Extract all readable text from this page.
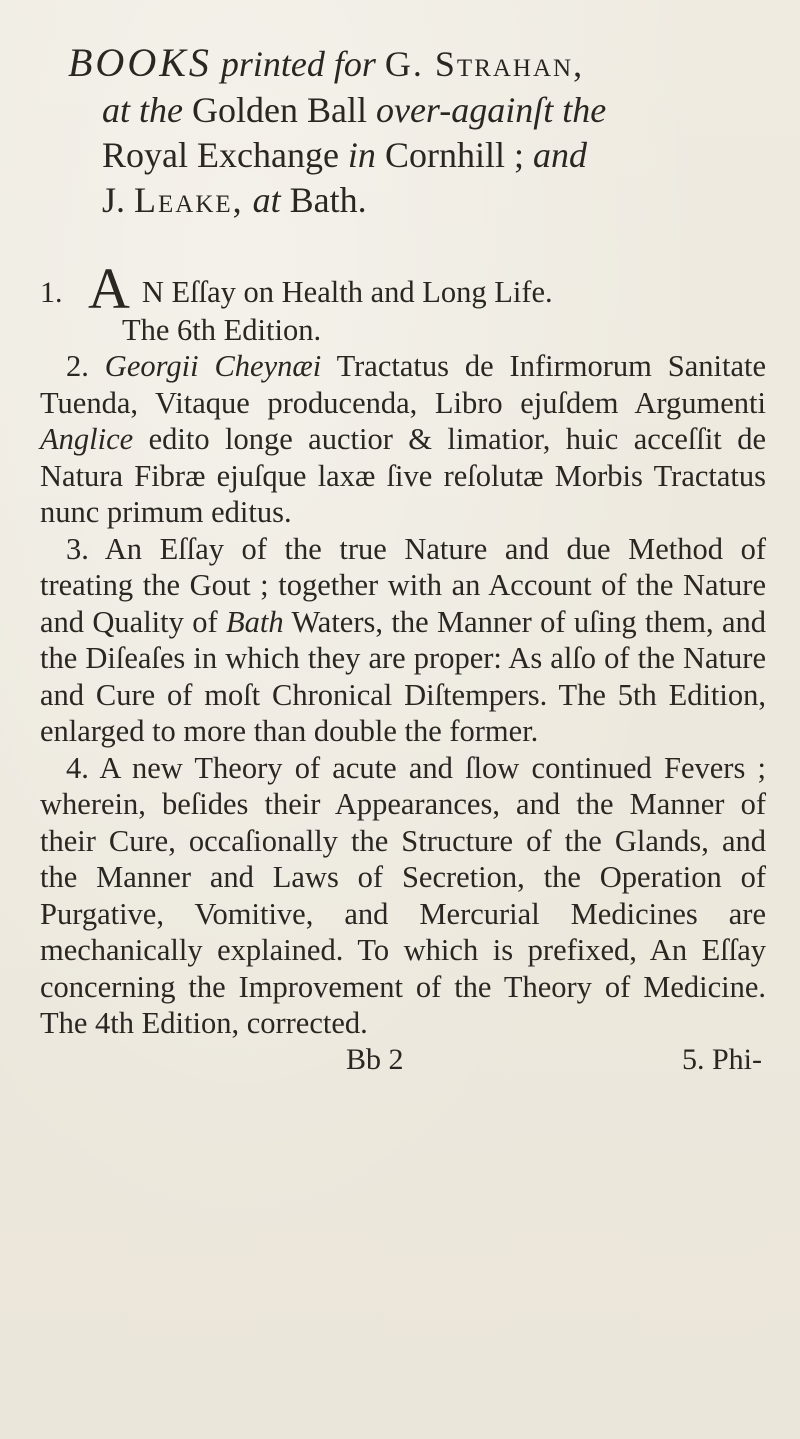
BOOKS printed for G. Strahan,
at the Golden Ball over-againſt the
Royal Exchange in Cornhill ; and
J. Leake, at Bath.

1. A N Eſſay on Health and Long Life.

The 6th Edition.

2. Georgii Cheynæi Tractatus de Infirmorum Sanitate Tuenda, Vitaque producenda, Libro ejuſdem Argumenti Anglice edito longe auctior & limatior, huic acceſſit de Natura Fibræ ejuſque laxæ ſive reſolutæ Morbis Tractatus nunc primum editus.

3. An Eſſay of the true Nature and due Method of treating the Gout ; together with an Account of the Nature and Quality of Bath Waters, the Manner of uſing them, and the Diſeaſes in which they are proper: As alſo of the Nature and Cure of moſt Chronical Diſtempers. The 5th Edition, enlarged to more than double the former.

4. A new Theory of acute and ſlow continued Fevers ; wherein, beſides their Appearances, and the Manner of their Cure, occaſionally the Structure of the Glands, and the Manner and Laws of Secretion, the Operation of Purgative, Vomitive, and Mercurial Medicines are mechanically explained. To which is prefixed, An Eſſay concerning the Improvement of the Theory of Medicine. The 4th Edition, corrected.

Bb 2	5. Phi-
